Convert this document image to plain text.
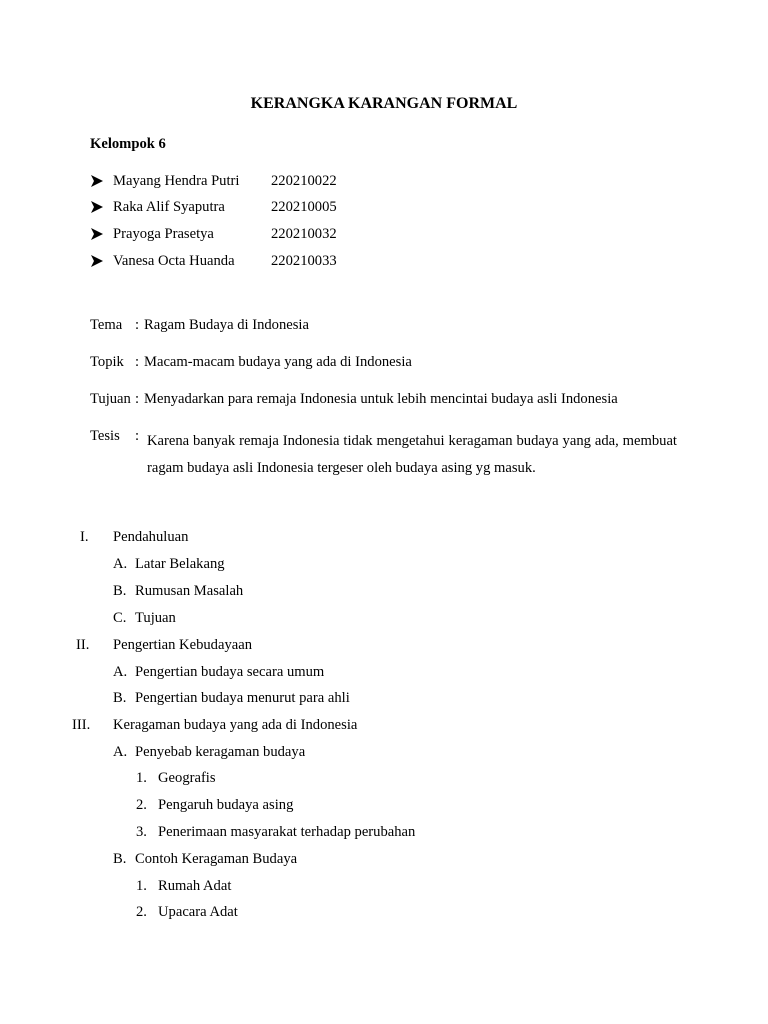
KERANGKA KARANGAN FORMAL
Kelompok 6
Mayang Hendra Putri 220210022
Raka Alif Syaputra	220210005
Prayoga Prasetya	220210032
Vanesa Octa Huanda 220210033
Tema : Ragam Budaya di Indonesia
Topik : Macam-macam budaya yang ada di Indonesia
Tujuan : Menyadarkan para remaja Indonesia untuk lebih mencintai budaya asli Indonesia
Tesis : Karena banyak remaja Indonesia tidak mengetahui keragaman budaya yang ada, membuat ragam budaya asli Indonesia tergeser oleh budaya asing yg masuk.
I. Pendahuluan
A. Latar Belakang
B. Rumusan Masalah
C. Tujuan
II. Pengertian Kebudayaan
A. Pengertian budaya secara umum
B. Pengertian budaya menurut para ahli
III. Keragaman budaya yang ada di Indonesia
A. Penyebab keragaman budaya
1. Geografis
2. Pengaruh budaya asing
3. Penerimaan masyarakat terhadap perubahan
B. Contoh Keragaman Budaya
1. Rumah Adat
2. Upacara Adat
